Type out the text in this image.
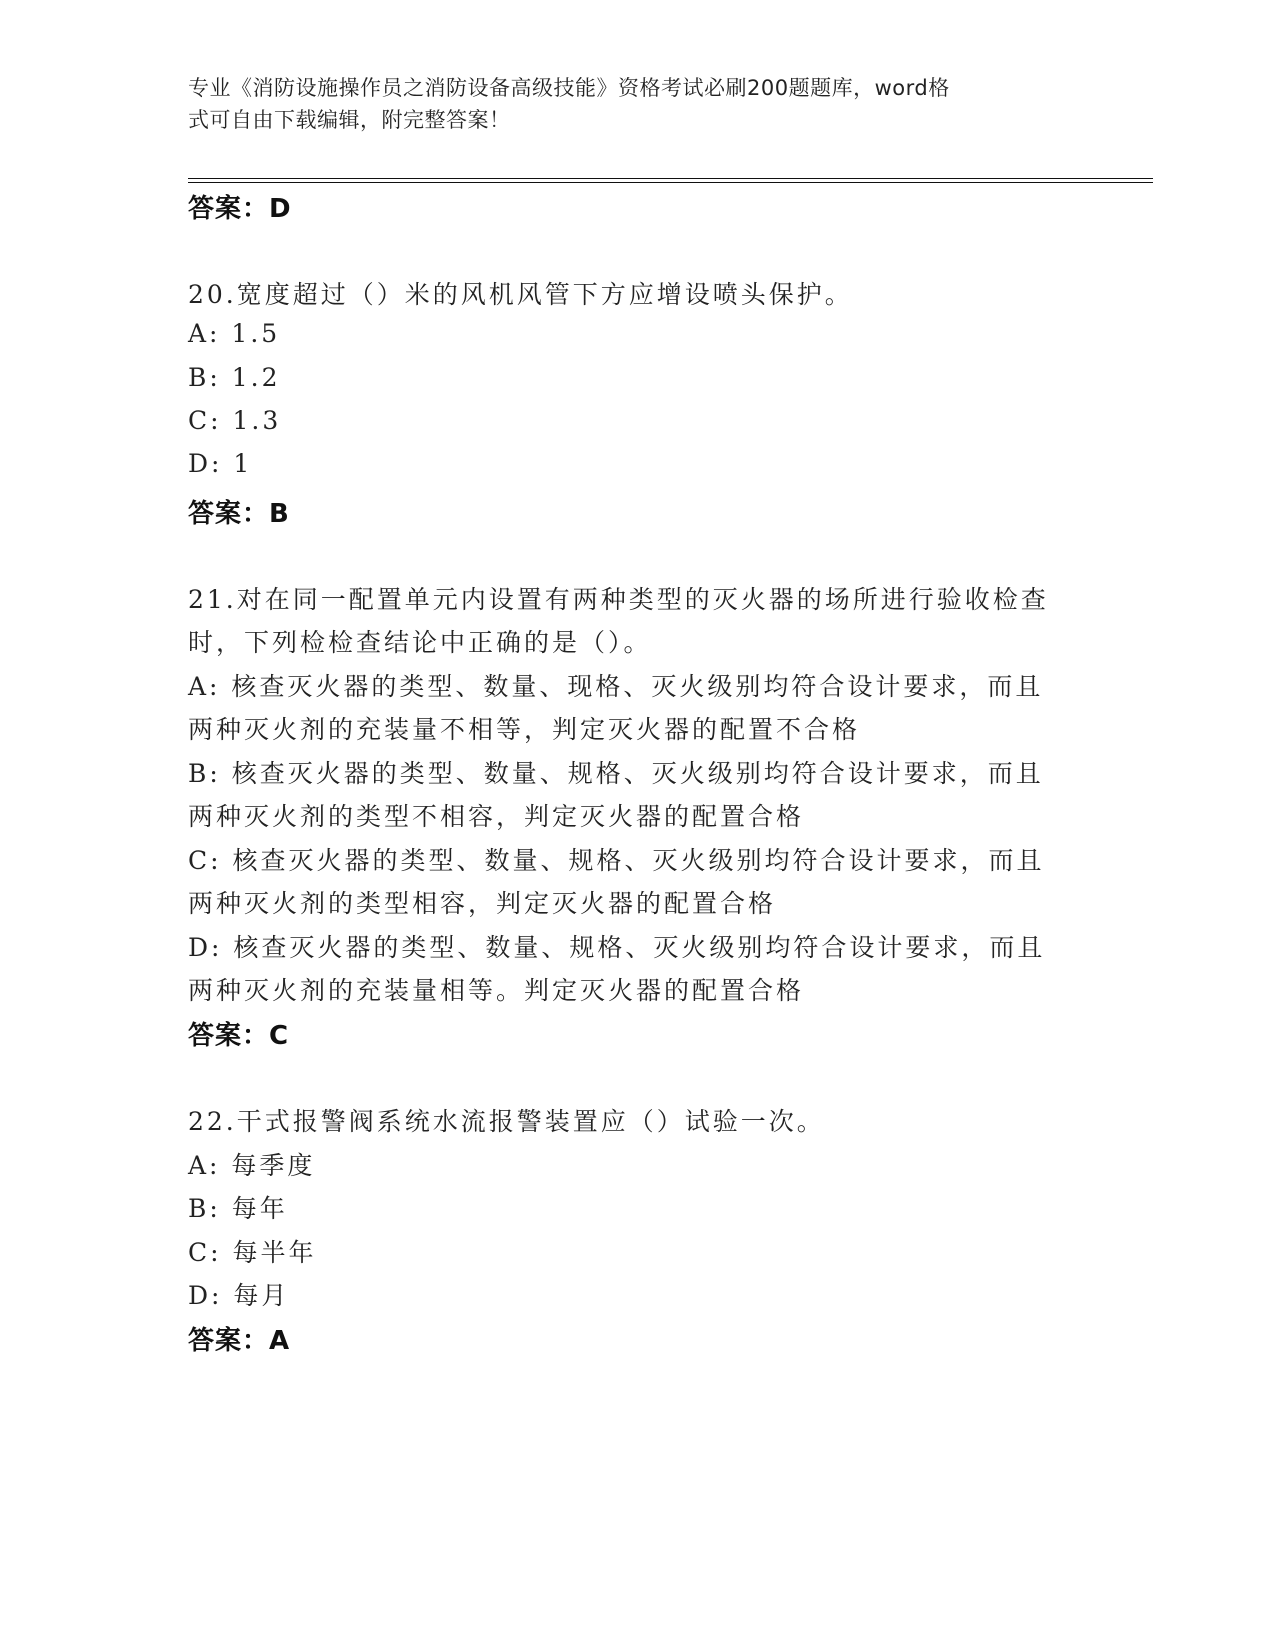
专业《消防设施操作员之消防设备高级技能》资格考试必刷200题题库，word格
式可自由下载编辑，附完整答案！
答案：D
20.宽度超过（）米的风机风管下方应增设喷头保护。
A: 1.5
B: 1.2
C: 1.3
D: 1
答案：B
21.对在同一配置单元内设置有两种类型的灭火器的场所进行验收检查
时，下列检检查结论中正确的是（）。
A: 核查灭火器的类型、数量、现格、灭火级别均符合设计要求，而且
两种灭火剂的充装量不相等，判定灭火器的配置不合格
B: 核查灭火器的类型、数量、规格、灭火级别均符合设计要求，而且
两种灭火剂的类型不相容，判定灭火器的配置合格
C: 核查灭火器的类型、数量、规格、灭火级别均符合设计要求，而且
两种灭火剂的类型相容，判定灭火器的配置合格
D: 核查灭火器的类型、数量、规格、灭火级别均符合设计要求，而且
两种灭火剂的充装量相等。判定灭火器的配置合格
答案：C
22.干式报警阀系统水流报警装置应（）试验一次。
A: 每季度
B: 每年
C: 每半年
D: 每月
答案：A
